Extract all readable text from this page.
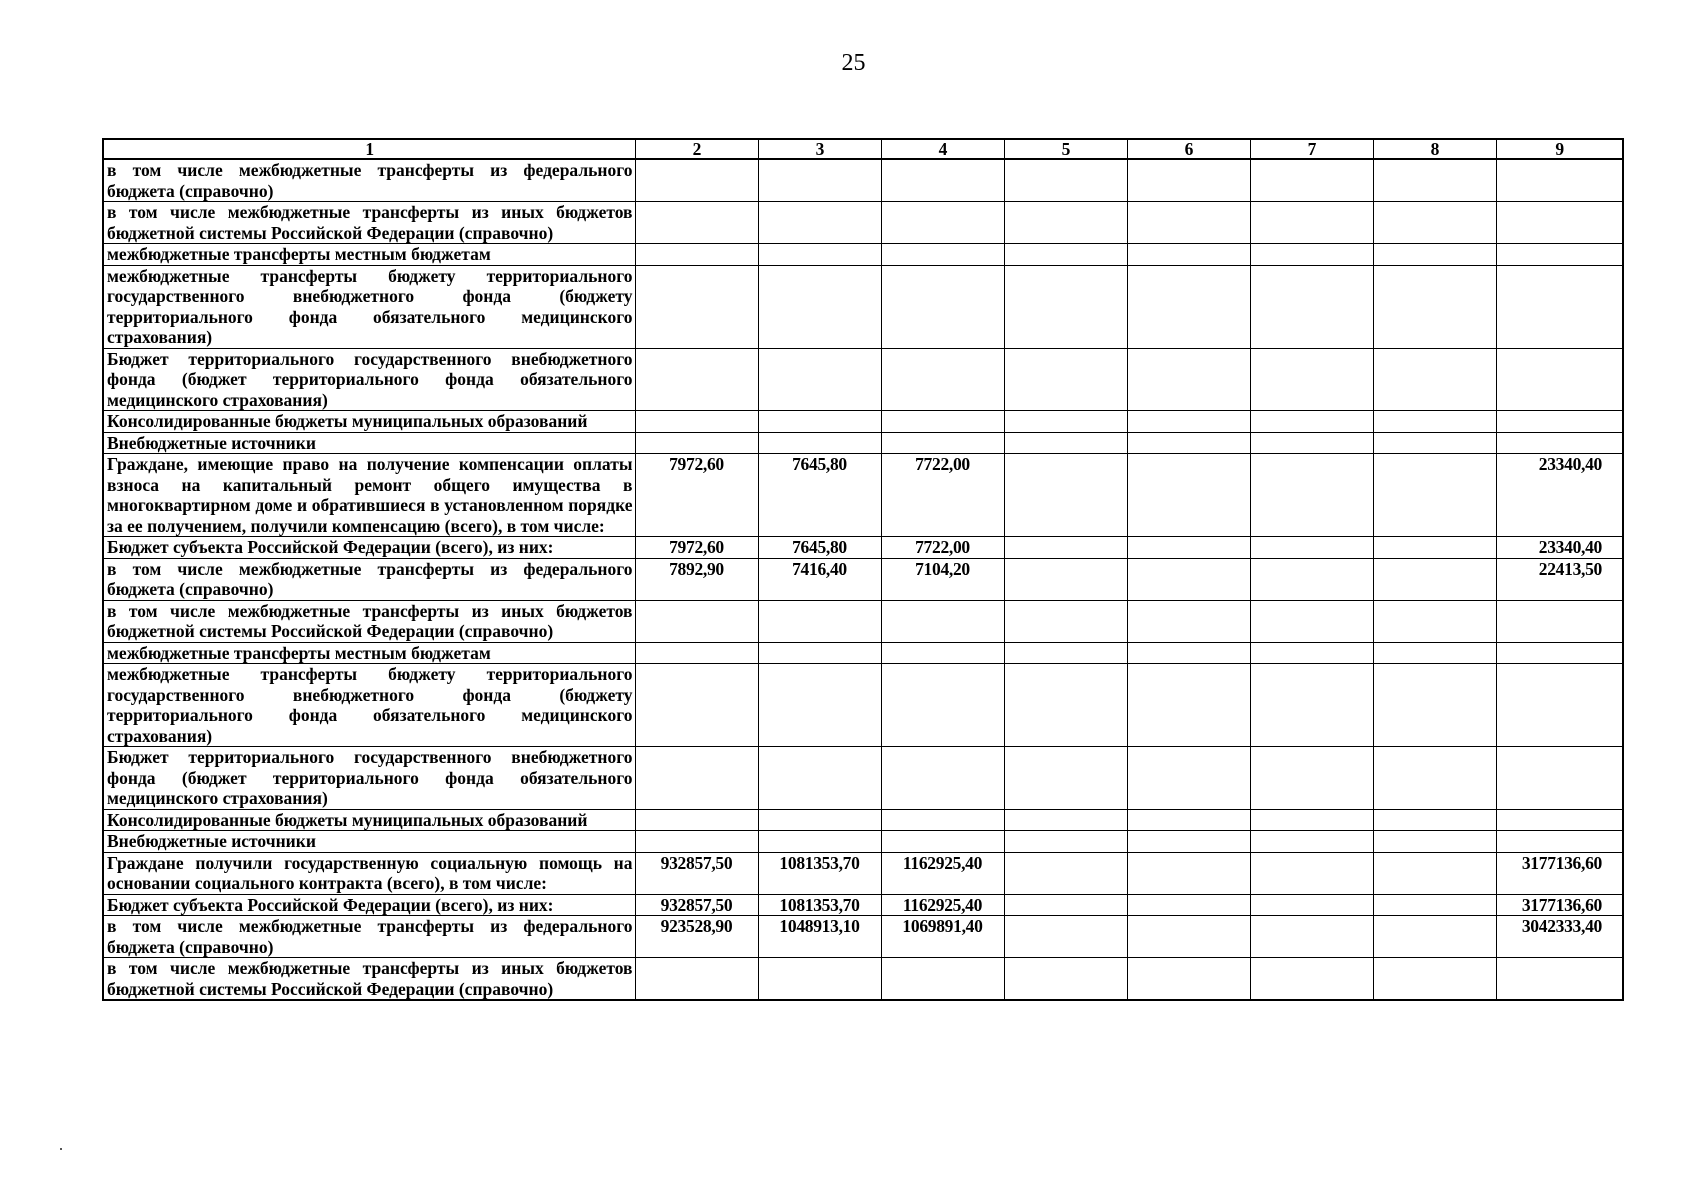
25
1	2	3	4	5	6	7	8	9
в том числе межбюджетные трансферты из федерального бюджета (справочно)								
в том числе межбюджетные трансферты из иных бюджетов бюджетной системы Российской Федерации (справочно)								
межбюджетные трансферты местным бюджетам								
межбюджетные трансферты бюджету территориального государственного внебюджетного фонда (бюджету территориального фонда обязательного медицинского страхования)								
Бюджет территориального государственного внебюджетного фонда (бюджет территориального фонда обязательного медицинского страхования)								
Консолидированные бюджеты муниципальных образований								
Внебюджетные источники								
Граждане, имеющие право на получение компенсации оплаты взноса на капитальный ремонт общего имущества в многоквартирном доме и обратившиеся в установленном порядке за ее получением, получили компенсацию (всего), в том числе:	7972,60	7645,80	7722,00					23340,40
Бюджет субъекта Российской Федерации (всего), из них:	7972,60	7645,80	7722,00					23340,40
в том числе межбюджетные трансферты из федерального бюджета (справочно)	7892,90	7416,40	7104,20					22413,50
в том числе межбюджетные трансферты из иных бюджетов бюджетной системы Российской Федерации (справочно)								
межбюджетные трансферты местным бюджетам								
межбюджетные трансферты бюджету территориального государственного внебюджетного фонда (бюджету территориального фонда обязательного медицинского страхования)								
Бюджет территориального государственного внебюджетного фонда (бюджет территориального фонда обязательного медицинского страхования)								
Консолидированные бюджеты муниципальных образований								
Внебюджетные источники								
Граждане получили государственную социальную помощь на основании социального контракта (всего), в том числе:	932857,50	1081353,70	1162925,40					3177136,60
Бюджет субъекта Российской Федерации (всего), из них:	932857,50	1081353,70	1162925,40					3177136,60
в том числе межбюджетные трансферты из федерального бюджета (справочно)	923528,90	1048913,10	1069891,40					3042333,40
в том числе межбюджетные трансферты из иных бюджетов бюджетной системы Российской Федерации (справочно)								
